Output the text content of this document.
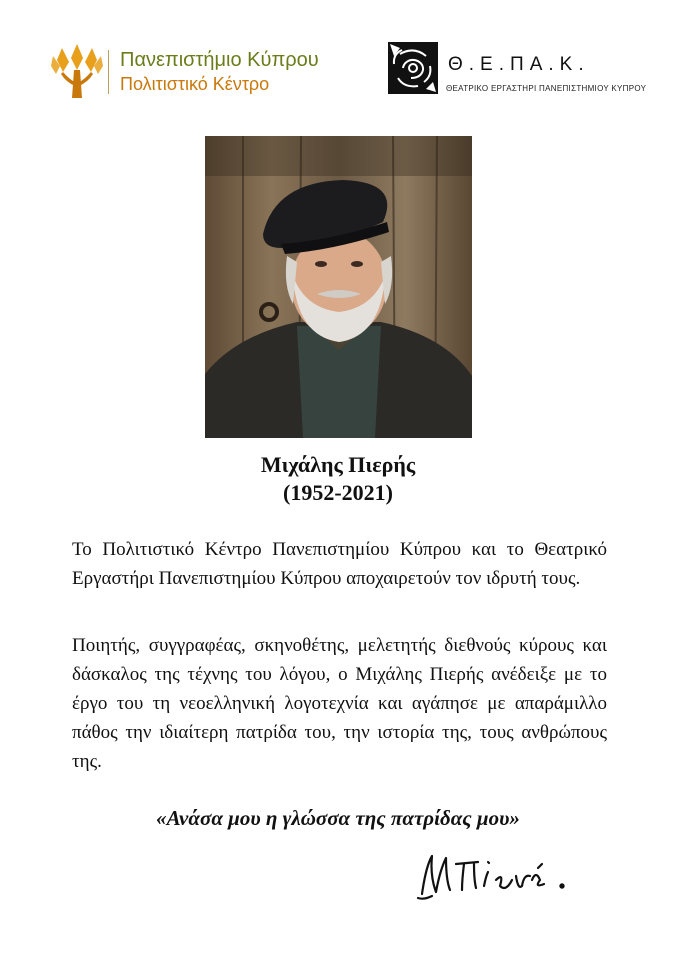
Πανεπιστήμιο Κύπρου
Πολιτιστικό Κέντρο
Θ.Ε.ΠΑ.Κ.
ΘΕΑΤΡΙΚΟ ΕΡΓΑΣΤΗΡΙ ΠΑΝΕΠΙΣΤΗΜΙΟΥ ΚΥΠΡΟΥ
Μιχάλης Πιερής
(1952-2021)
Το Πολιτιστικό Κέντρο Πανεπιστημίου Κύπρου και το Θεατρικό Εργαστήρι Πανεπιστημίου Κύπρου αποχαιρετούν τον ιδρυτή τους.
Ποιητής, συγγραφέας, σκηνοθέτης, μελετητής διεθνούς κύρους και δάσκαλος της τέχνης του λόγου, ο Μιχάλης Πιερής ανέδειξε με το έργο του τη νεοελληνική λογοτεχνία και αγάπησε με απαράμιλλο πάθος την ιδιαίτερη πατρίδα του, την ιστορία της, τους ανθρώπους της.
«Ανάσα μου η γλώσσα της πατρίδας μου»
